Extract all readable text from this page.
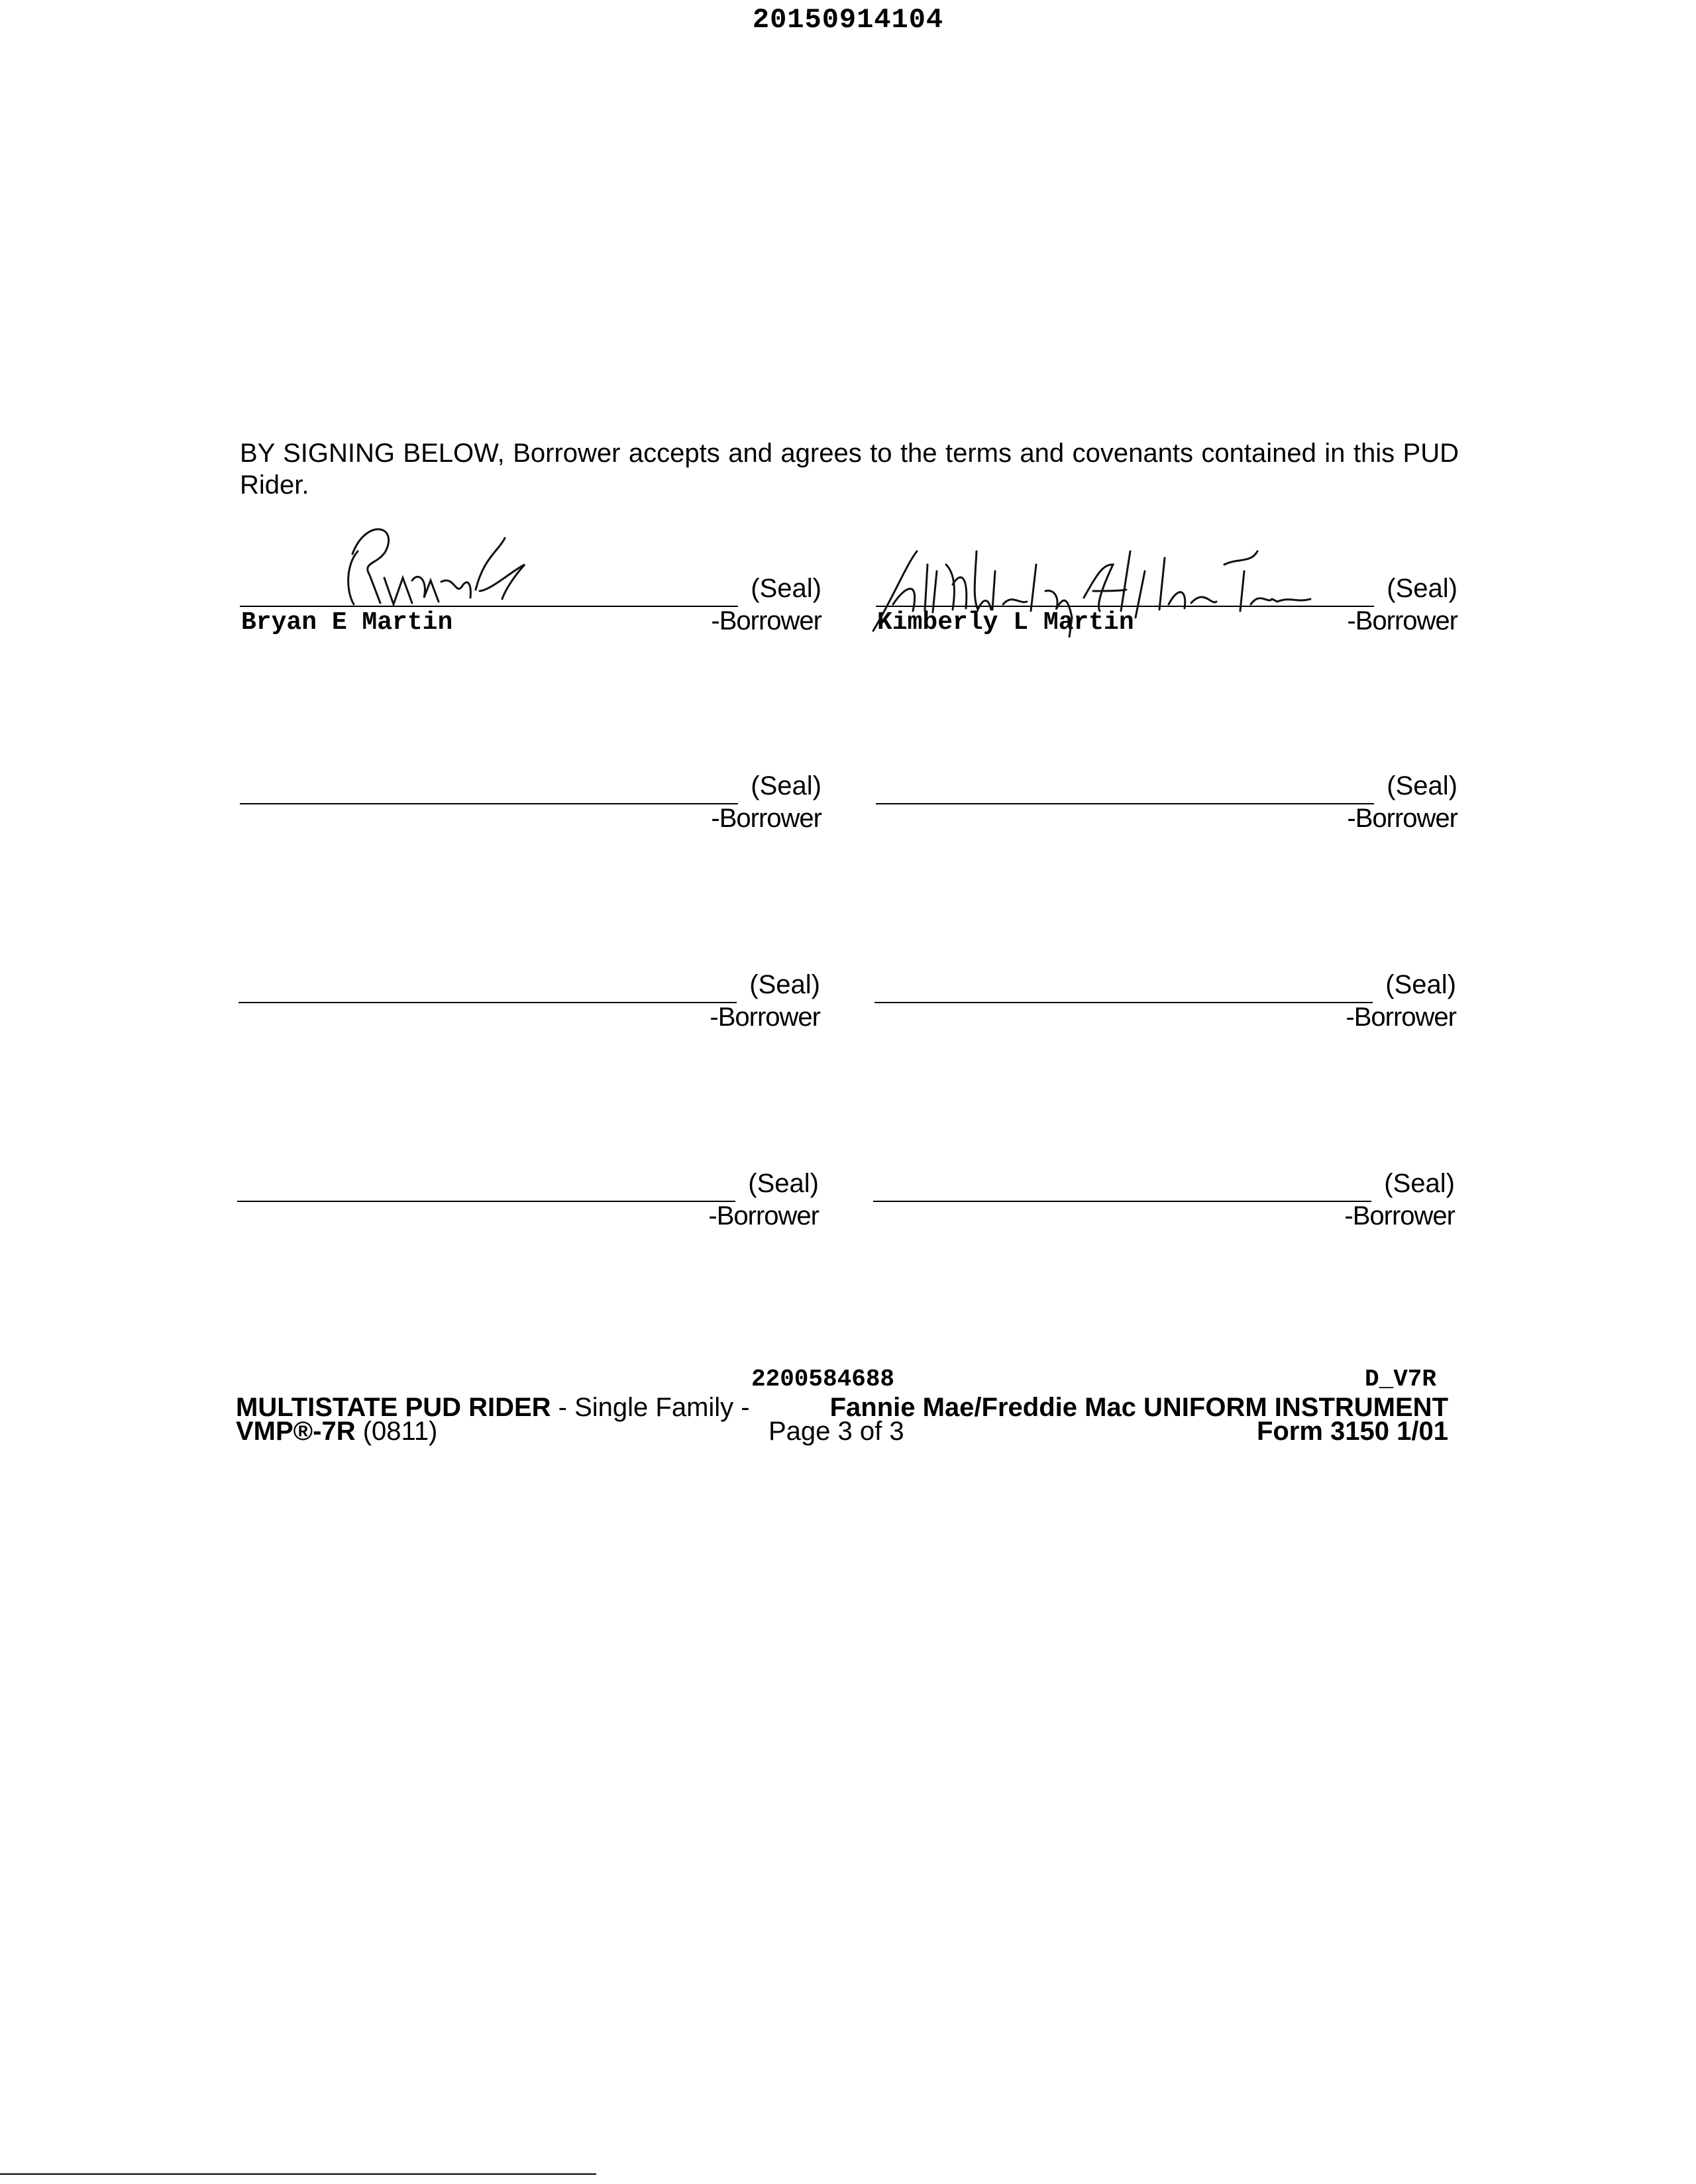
20150914104
BY SIGNING BELOW, Borrower accepts and agrees to the terms and covenants contained in this PUD Rider.
(Seal)
-Borrower
Bryan E Martin
(Seal)
-Borrower
Kimberly L Martin
(Seal)
-Borrower
(Seal)
-Borrower
(Seal)
-Borrower
(Seal)
-Borrower
(Seal)
-Borrower
(Seal)
-Borrower
2200584688	D_V7R
MULTISTATE PUD RIDER - Single Family -	Fannie Mae/Freddie Mac UNIFORM INSTRUMENT
VMP®-7R (0811)	Page 3 of 3	Form 3150 1/01
